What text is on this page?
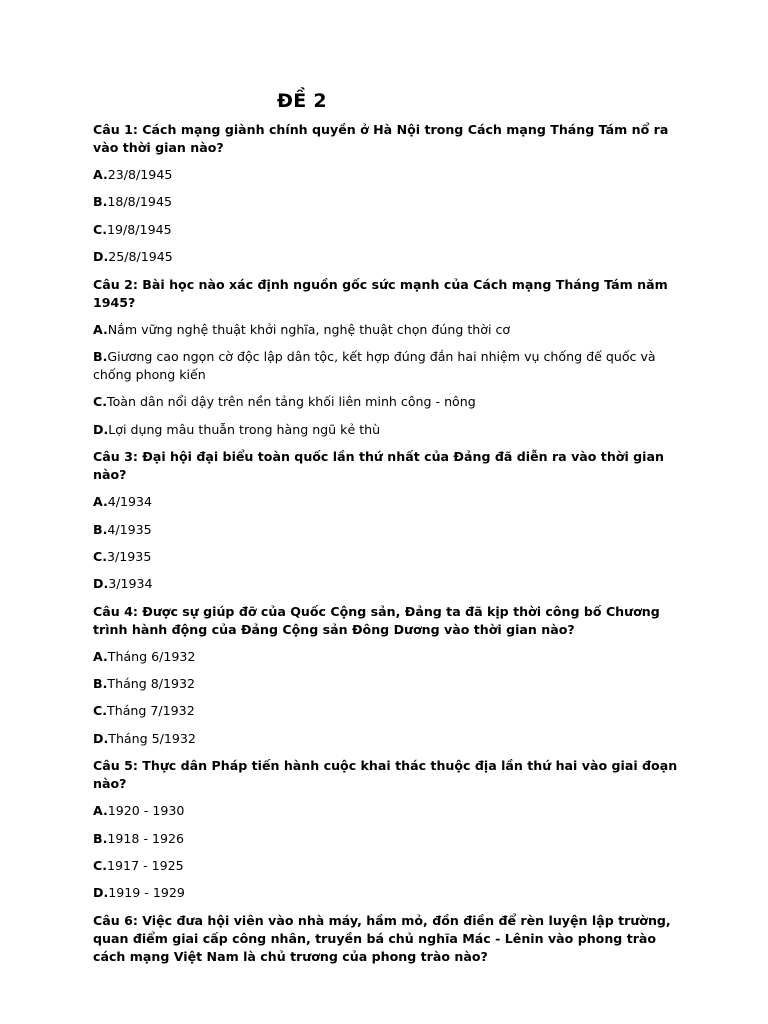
ĐỀ 2
Câu 1: Cách mạng giành chính quyền ở Hà Nội trong Cách mạng Tháng Tám nổ ra vào thời gian nào?
A.23/8/1945
B.18/8/1945
C.19/8/1945
D.25/8/1945
Câu 2: Bài học nào xác định nguồn gốc sức mạnh của Cách mạng Tháng Tám năm 1945?
A.Nắm vững nghệ thuật khởi nghĩa, nghệ thuật chọn đúng thời cơ
B.Giương cao ngọn cờ độc lập dân tộc, kết hợp đúng đắn hai nhiệm vụ chống đế quốc và chống phong kiến
C.Toàn dân nổi dậy trên nền tảng khối liên minh công - nông
D.Lợi dụng mâu thuẫn trong hàng ngũ kẻ thù
Câu 3: Đại hội đại biểu toàn quốc lần thứ nhất của Đảng đã diễn ra vào thời gian nào?
A.4/1934
B.4/1935
C.3/1935
D.3/1934
Câu 4: Được sự giúp đỡ của Quốc Cộng sản, Đảng ta đã kịp thời công bố Chương trình hành động của Đảng Cộng sản Đông Dương vào thời gian nào?
A.Tháng 6/1932
B.Tháng 8/1932
C.Tháng 7/1932
D.Tháng 5/1932
Câu 5: Thực dân Pháp tiến hành cuộc khai thác thuộc địa lần thứ hai vào giai đoạn nào?
A.1920 - 1930
B.1918 - 1926
C.1917 - 1925
D.1919 - 1929
Câu 6: Việc đưa hội viên vào nhà máy, hầm mỏ, đồn điền để rèn luyện lập trường, quan điểm giai cấp công nhân, truyền bá chủ nghĩa Mác - Lênin vào phong trào cách mạng Việt Nam là chủ trương của phong trào nào?
